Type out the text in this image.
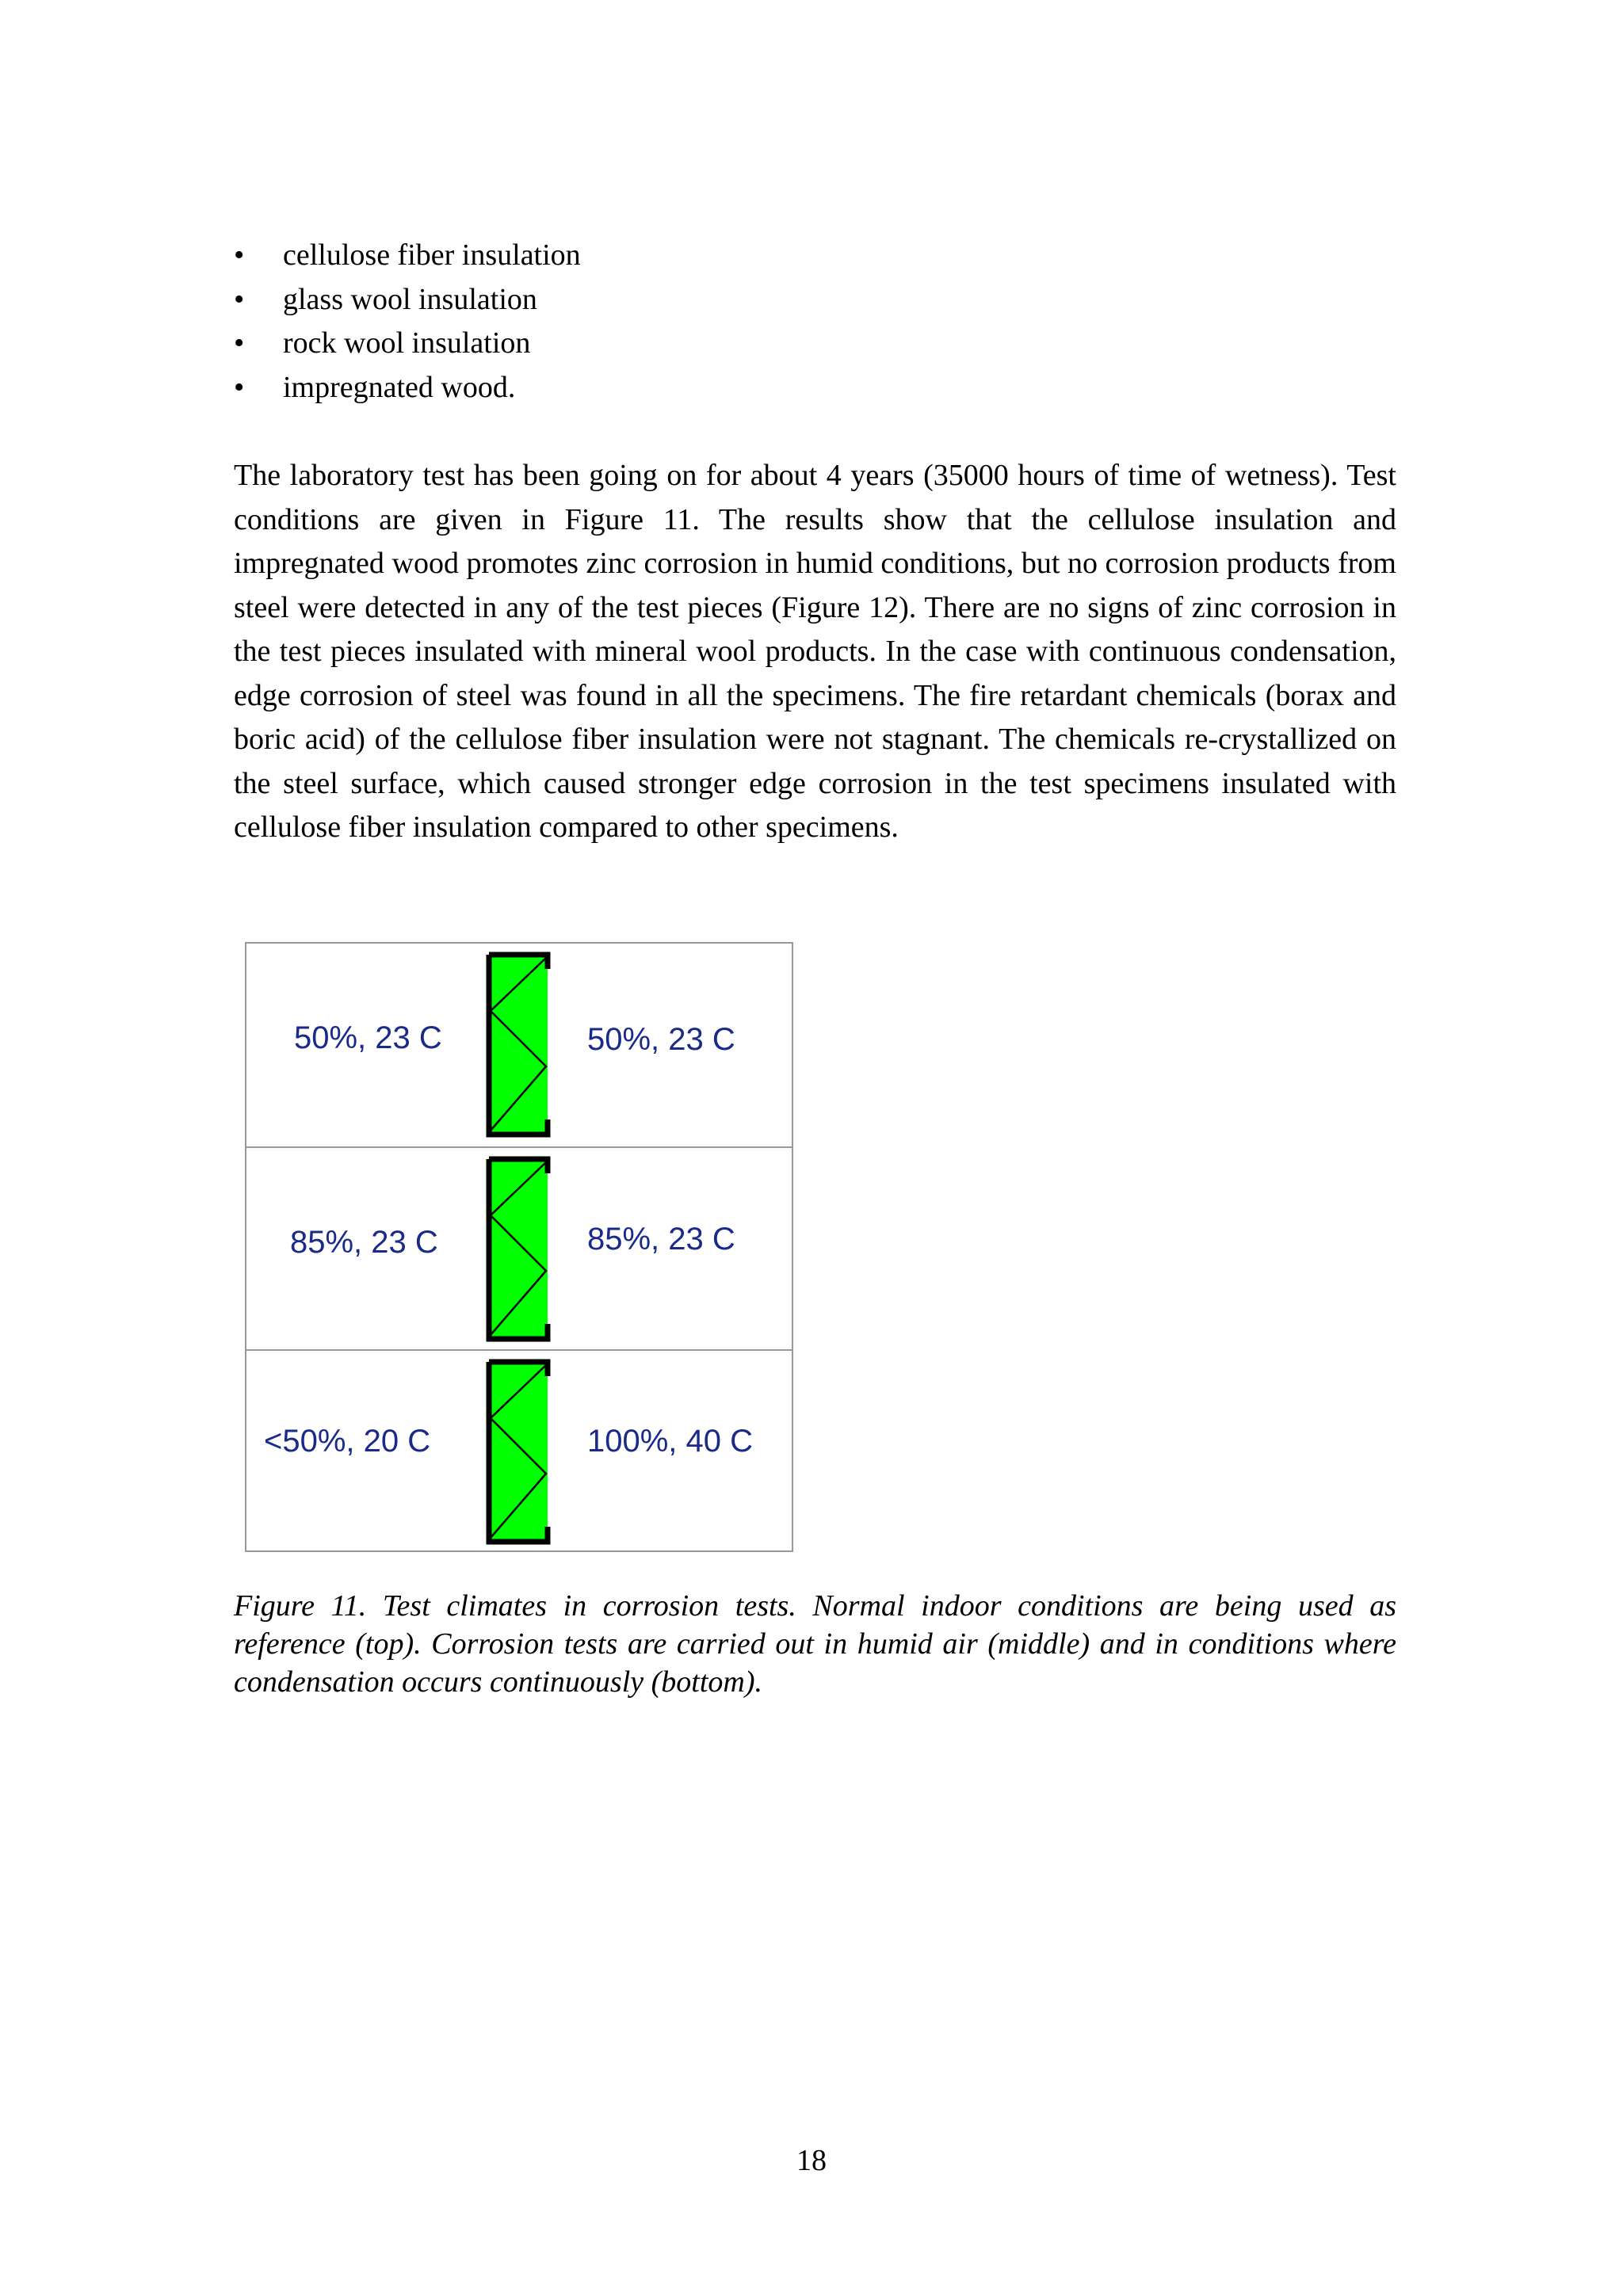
• cellulose fiber insulation
• glass wool insulation
• rock wool insulation
• impregnated wood.

The laboratory test has been going on for about 4 years (35000 hours of time of wetness). Test conditions are given in Figure 11. The results show that the cellulose insulation and impregnated wood promotes zinc corrosion in humid conditions, but no corrosion products from steel were detected in any of the test pieces (Figure 12). There are no signs of zinc corrosion in the test pieces insulated with mineral wool products. In the case with continuous condensation, edge corrosion of steel was found in all the specimens. The fire retardant chemicals (borax and boric acid) of the cellulose fiber insulation were not stagnant. The chemicals re-crystallized on the steel surface, which caused stronger edge corrosion in the test specimens insulated with cellulose fiber insulation compared to other specimens.

50%, 23 C	50%, 23 C
85%, 23 C	85%, 23 C
<50%, 20 C	100%, 40 C

Figure 11. Test climates in corrosion tests. Normal indoor conditions are being used as reference (top). Corrosion tests are carried out in humid air (middle) and in conditions where condensation occurs continuously (bottom).

18
